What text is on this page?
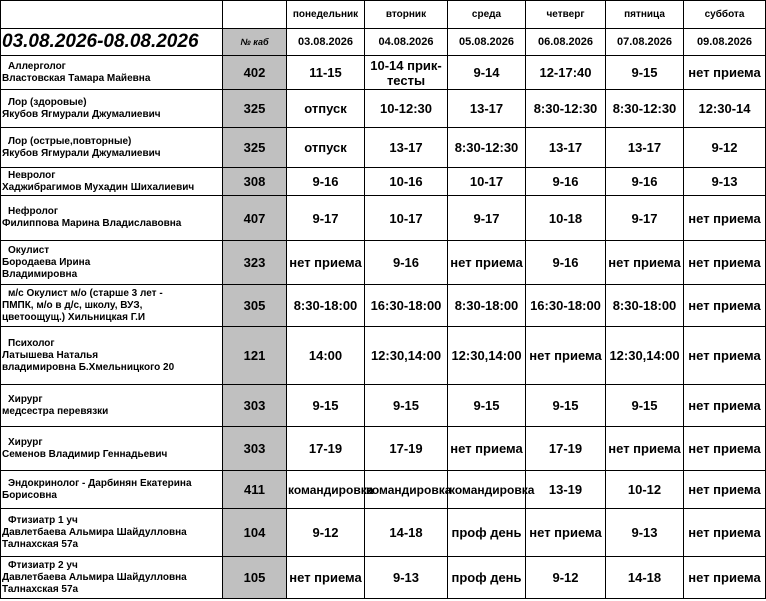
		понедельник	вторник	среда	четверг	пятница	суббота
03.08.2026-08.08.2026	№ каб	03.08.2026	04.08.2026	05.08.2026	06.08.2026	07.08.2026	09.08.2026

Аллерголог
Властовская Тамара Майевна	402	11-15	10-14 прик-тесты	9-14	12-17:40	9-15	нет приема

Лор (здоровые)
Якубов Ягмурали Джумалиевич	325	отпуск	10-12:30	13-17	8:30-12:30	8:30-12:30	12:30-14

Лор (острые,повторные)
Якубов Ягмурали Джумалиевич	325	отпуск	13-17	8:30-12:30	13-17	13-17	9-12

Невролог
Хаджибрагимов Мухадин Шихалиевич	308	9-16	10-16	10-17	9-16	9-16	9-13

Нефролог
Филиппова Марина Владиславовна	407	9-17	10-17	9-17	10-18	9-17	нет приема

Окулист
Бородаева Ирина
Владимировна	323	нет приема	9-16	нет приема	9-16	нет приема	нет приема

м/с Окулист м/о (старше 3 лет -
ПМПК, м/о в д/с, школу, ВУЗ,
цветоощущ.) Хильницкая Г.И	305	8:30-18:00	16:30-18:00	8:30-18:00	16:30-18:00	8:30-18:00	нет приема

Психолог
Латышева Наталья
владимировна Б.Хмельницкого 20	121	14:00	12:30,14:00	12:30,14:00	нет приема	12:30,14:00	нет приема

Хирург
медсестра перевязки	303	9-15	9-15	9-15	9-15	9-15	нет приема

Хирург
Семенов Владимир Геннадьевич	303	17-19	17-19	нет приема	17-19	нет приема	нет приема

Эндокринолог - Дарбинян Екатерина
Борисовна	411	командировка	командировка	командировка	13-19	10-12	нет приема

Фтизиатр 1 уч
Давлетбаева Альмира Шайдулловна
Талнахская 57а	104	9-12	14-18	проф день	нет приема	9-13	нет приема

Фтизиатр 2 уч
Давлетбаева Альмира Шайдулловна
Талнахская 57а	105	нет приема	9-13	проф день	9-12	14-18	нет приема
